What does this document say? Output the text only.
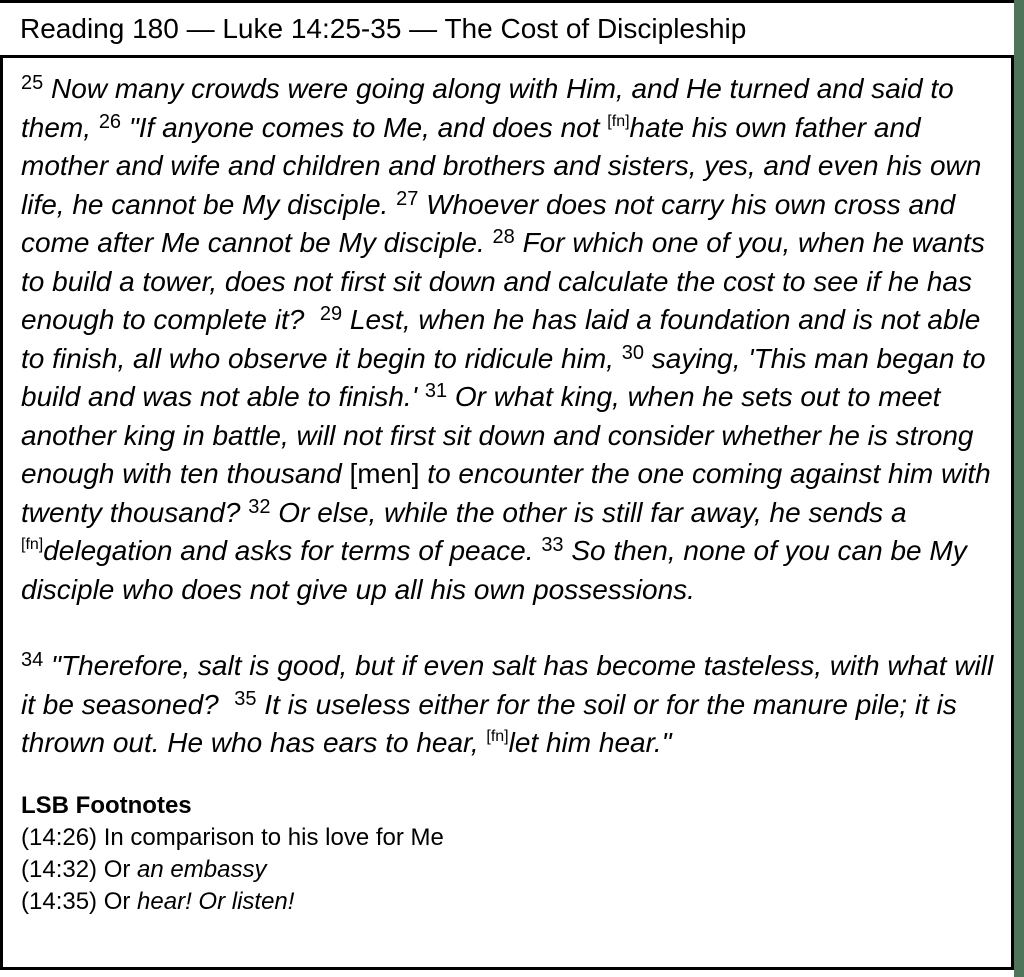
Reading 180 — Luke 14:25-35 — The Cost of Discipleship

$^{25}$ Now many crowds were going along with Him, and He turned and said to them, $^{26}$ "If anyone comes to Me, and does not [fn]hate his own father and mother and wife and children and brothers and sisters, yes, and even his own life, he cannot be My disciple. $^{27}$ Whoever does not carry his own cross and come after Me cannot be My disciple. $^{28}$ For which one of you, when he wants to build a tower, does not first sit down and calculate the cost to see if he has enough to complete it?  $^{29}$ Lest, when he has laid a foundation and is not able to finish, all who observe it begin to ridicule him, $^{30}$ saying, 'This man began to build and was not able to finish.' $^{31}$ Or what king, when he sets out to meet another king in battle, will not first sit down and consider whether he is strong enough with ten thousand [men] to encounter the one coming against him with twenty thousand? $^{32}$ Or else, while the other is still far away, he sends a [fn]delegation and asks for terms of peace. $^{33}$ So then, none of you can be My disciple who does not give up all his own possessions.

$^{34}$ "Therefore, salt is good, but if even salt has become tasteless, with what will it be seasoned?  $^{35}$ It is useless either for the soil or for the manure pile; it is thrown out. He who has ears to hear, [fn]let him hear."

LSB Footnotes

(14:26) In comparison to his love for Me

(14:32) Or an embassy

(14:35) Or hear! Or listen!
